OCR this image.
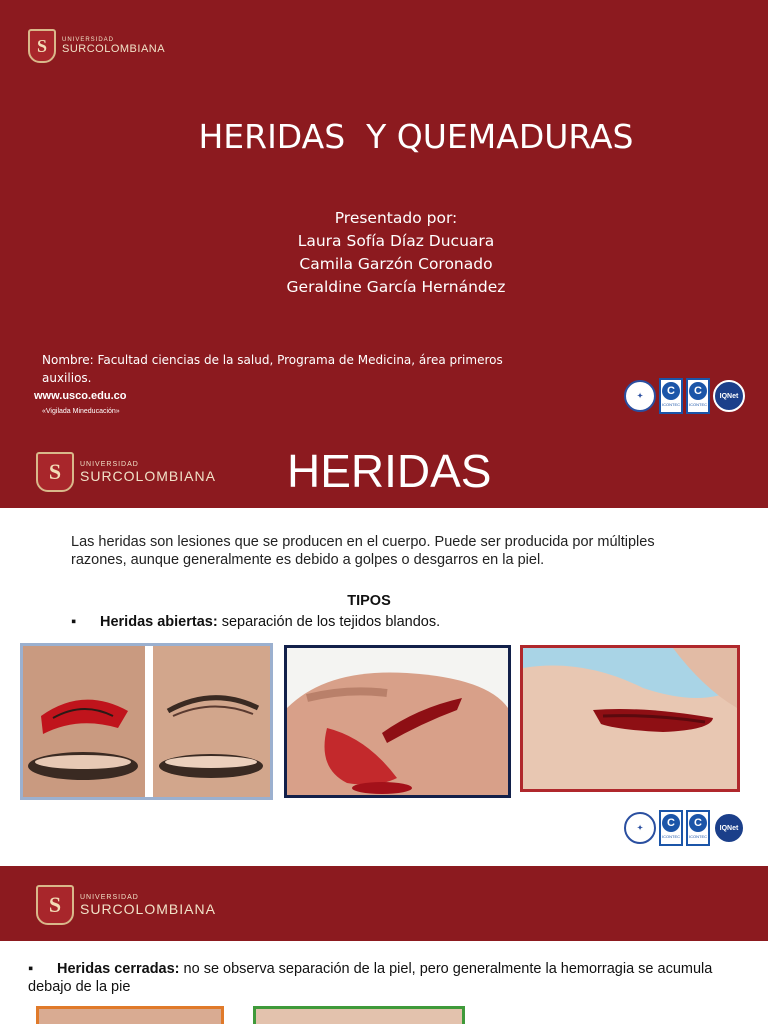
S	UNIVERSIDAD
SURCOLOMBIANA
HERIDAS  Y QUEMADURAS
Presentado por:
Laura Sofía Díaz Ducuara
Camila Garzón Coronado
Geraldine García Hernández
Nombre: Facultad ciencias de la salud, Programa de Medicina, área primeros auxilios.
www.usco.edu.co
«Vigilada Mineducación»
✦	C
ICONTEC
C
ICONTEC
IQNet
S	UNIVERSIDAD
SURCOLOMBIANA HERIDAS
Las heridas son lesiones que se producen en el cuerpo. Puede ser producida por múltiples razones, aunque generalmente es debido a golpes o desgarros en la piel.
TIPOS
▪ Heridas abiertas: separación de los tejidos blandos.
✦	C
ICONTEC
C
ICONTEC
IQNet
S	UNIVERSIDAD
SURCOLOMBIANA
▪ Heridas cerradas: no se observa separación de la piel, pero generalmente la hemorragia se acumula debajo de la pie
